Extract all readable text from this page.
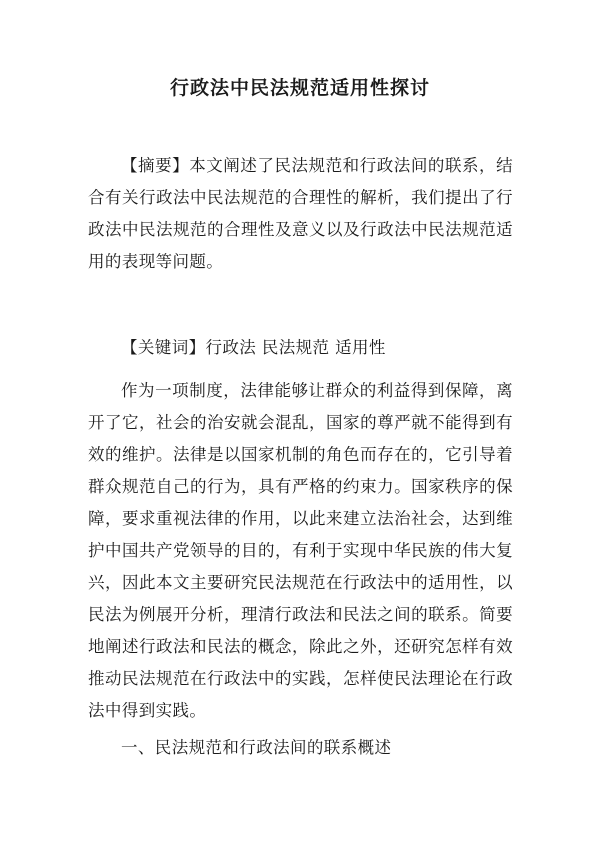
行政法中民法规范适用性探讨

【摘要】本文阐述了民法规范和行政法间的联系，结合有关行政法中民法规范的合理性的解析，我们提出了行政法中民法规范的合理性及意义以及行政法中民法规范适用的表现等问题。

【关键词】行政法 民法规范 适用性

作为一项制度，法律能够让群众的利益得到保障，离开了它，社会的治安就会混乱，国家的尊严就不能得到有效的维护。法律是以国家机制的角色而存在的，它引导着群众规范自己的行为，具有严格的约束力。国家秩序的保障，要求重视法律的作用，以此来建立法治社会，达到维护中国共产党领导的目的，有利于实现中华民族的伟大复兴，因此本文主要研究民法规范在行政法中的适用性，以民法为例展开分析，理清行政法和民法之间的联系。简要地阐述行政法和民法的概念，除此之外，还研究怎样有效推动民法规范在行政法中的实践，怎样使民法理论在行政法中得到实践。

一、民法规范和行政法间的联系概述
